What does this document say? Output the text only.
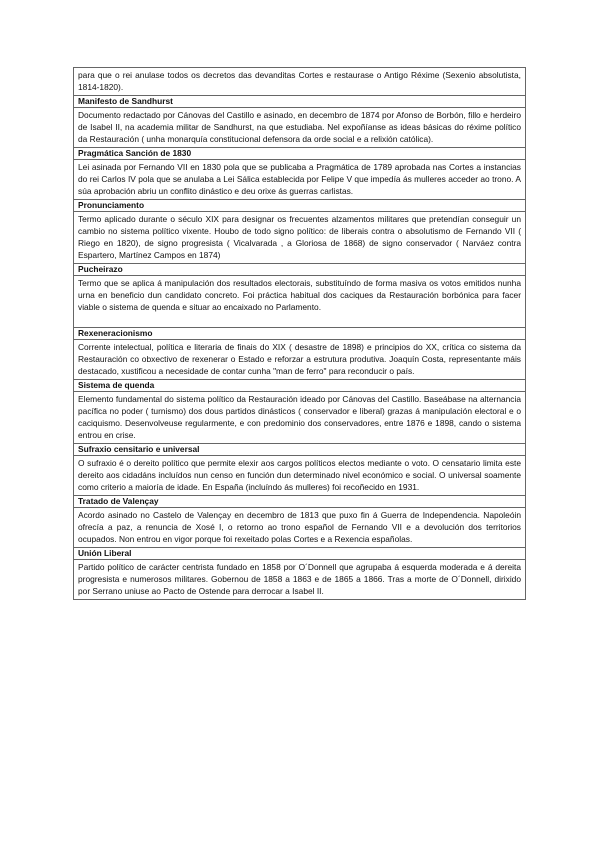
para que o rei anulase todos os decretos das devanditas Cortes e restaurase o Antigo Réxime (Sexenio absolutista, 1814-1820).
Manifesto de Sandhurst
Documento redactado por Cánovas del Castillo e asinado, en decembro de 1874 por Afonso de Borbón, fillo e herdeiro de Isabel II, na academia militar de Sandhurst, na que estudiaba. Nel expoñíanse as ideas básicas do réxime político da Restauración ( unha monarquía constitucional defensora da orde social e a relixión católica).
Pragmática Sanción de 1830
Lei asinada por Fernando VII en 1830 pola que se publicaba a Pragmática de 1789 aprobada nas Cortes a instancias do rei Carlos IV pola que se anulaba a Lei Sálica establecida por Felipe V que impedía ás mulleres acceder ao trono. A súa aprobación abriu un conflito dinástico e deu orixe ás guerras carlistas.
Pronunciamento
Termo aplicado durante o século XIX para designar os frecuentes alzamentos militares que pretendían conseguir un cambio no sistema político vixente. Houbo de todo signo político: de liberais contra o absolutismo de Fernando VII ( Riego en 1820), de signo progresista ( Vicalvarada , a Gloriosa de 1868) de signo conservador ( Narváez contra Espartero, Martínez Campos en 1874)
Pucheirazo
Termo que se aplica á manipulación dos resultados electorais, substituíndo de forma masiva os votos emitidos nunha urna en beneficio dun candidato concreto. Foi práctica habitual dos caciques da Restauración borbónica para facer viable o sistema de quenda e situar ao encaixado no Parlamento.
Rexeneracionismo
Corrente intelectual, política e literaria de finais do XIX ( desastre de 1898) e principios do XX, crítica co sistema da Restauración co obxectivo de rexenerar o Estado e reforzar a estrutura produtiva. Joaquín Costa, representante máis destacado, xustificou a necesidade de contar cunha "man de ferro" para reconducir o país.
Sistema de quenda
Elemento fundamental do sistema político da Restauración ideado por Cánovas del Castillo. Baseábase na alternancia pacífica no poder ( turnismo) dos dous partidos dinásticos ( conservador e liberal) grazas á manipulación electoral e o caciquismo. Desenvolveuse regularmente, e con predominio dos conservadores, entre 1876 e 1898, cando o sistema entrou en crise.
Sufraxio censitario e universal
O sufraxio é o dereito político que permite elexir aos cargos políticos electos mediante o voto. O censatario limita este dereito aos cidadáns incluídos nun censo en función dun determinado nivel económico e social. O universal soamente como criterio a maioría de idade. En España (incluíndo ás mulleres) foi recoñecido en 1931.
Tratado de Valençay
Acordo asinado no Castelo de Valençay en decembro de 1813 que puxo fin á Guerra de Independencia. Napoleóin ofrecía a paz, a renuncia de Xosé I, o retorno ao trono español de Fernando VII e a devolución dos territorios ocupados. Non entrou en vigor porque foi rexeitado polas Cortes e a Rexencia españolas.
Unión Liberal
Partido político de carácter centrista fundado en 1858 por O´Donnell que agrupaba á esquerda moderada e á dereita progresista e numerosos militares. Gobernou de 1858 a 1863 e de 1865 a 1866. Tras a morte de O´Donnell, dirixido por Serrano uniuse ao Pacto de Ostende para derrocar a Isabel II.
